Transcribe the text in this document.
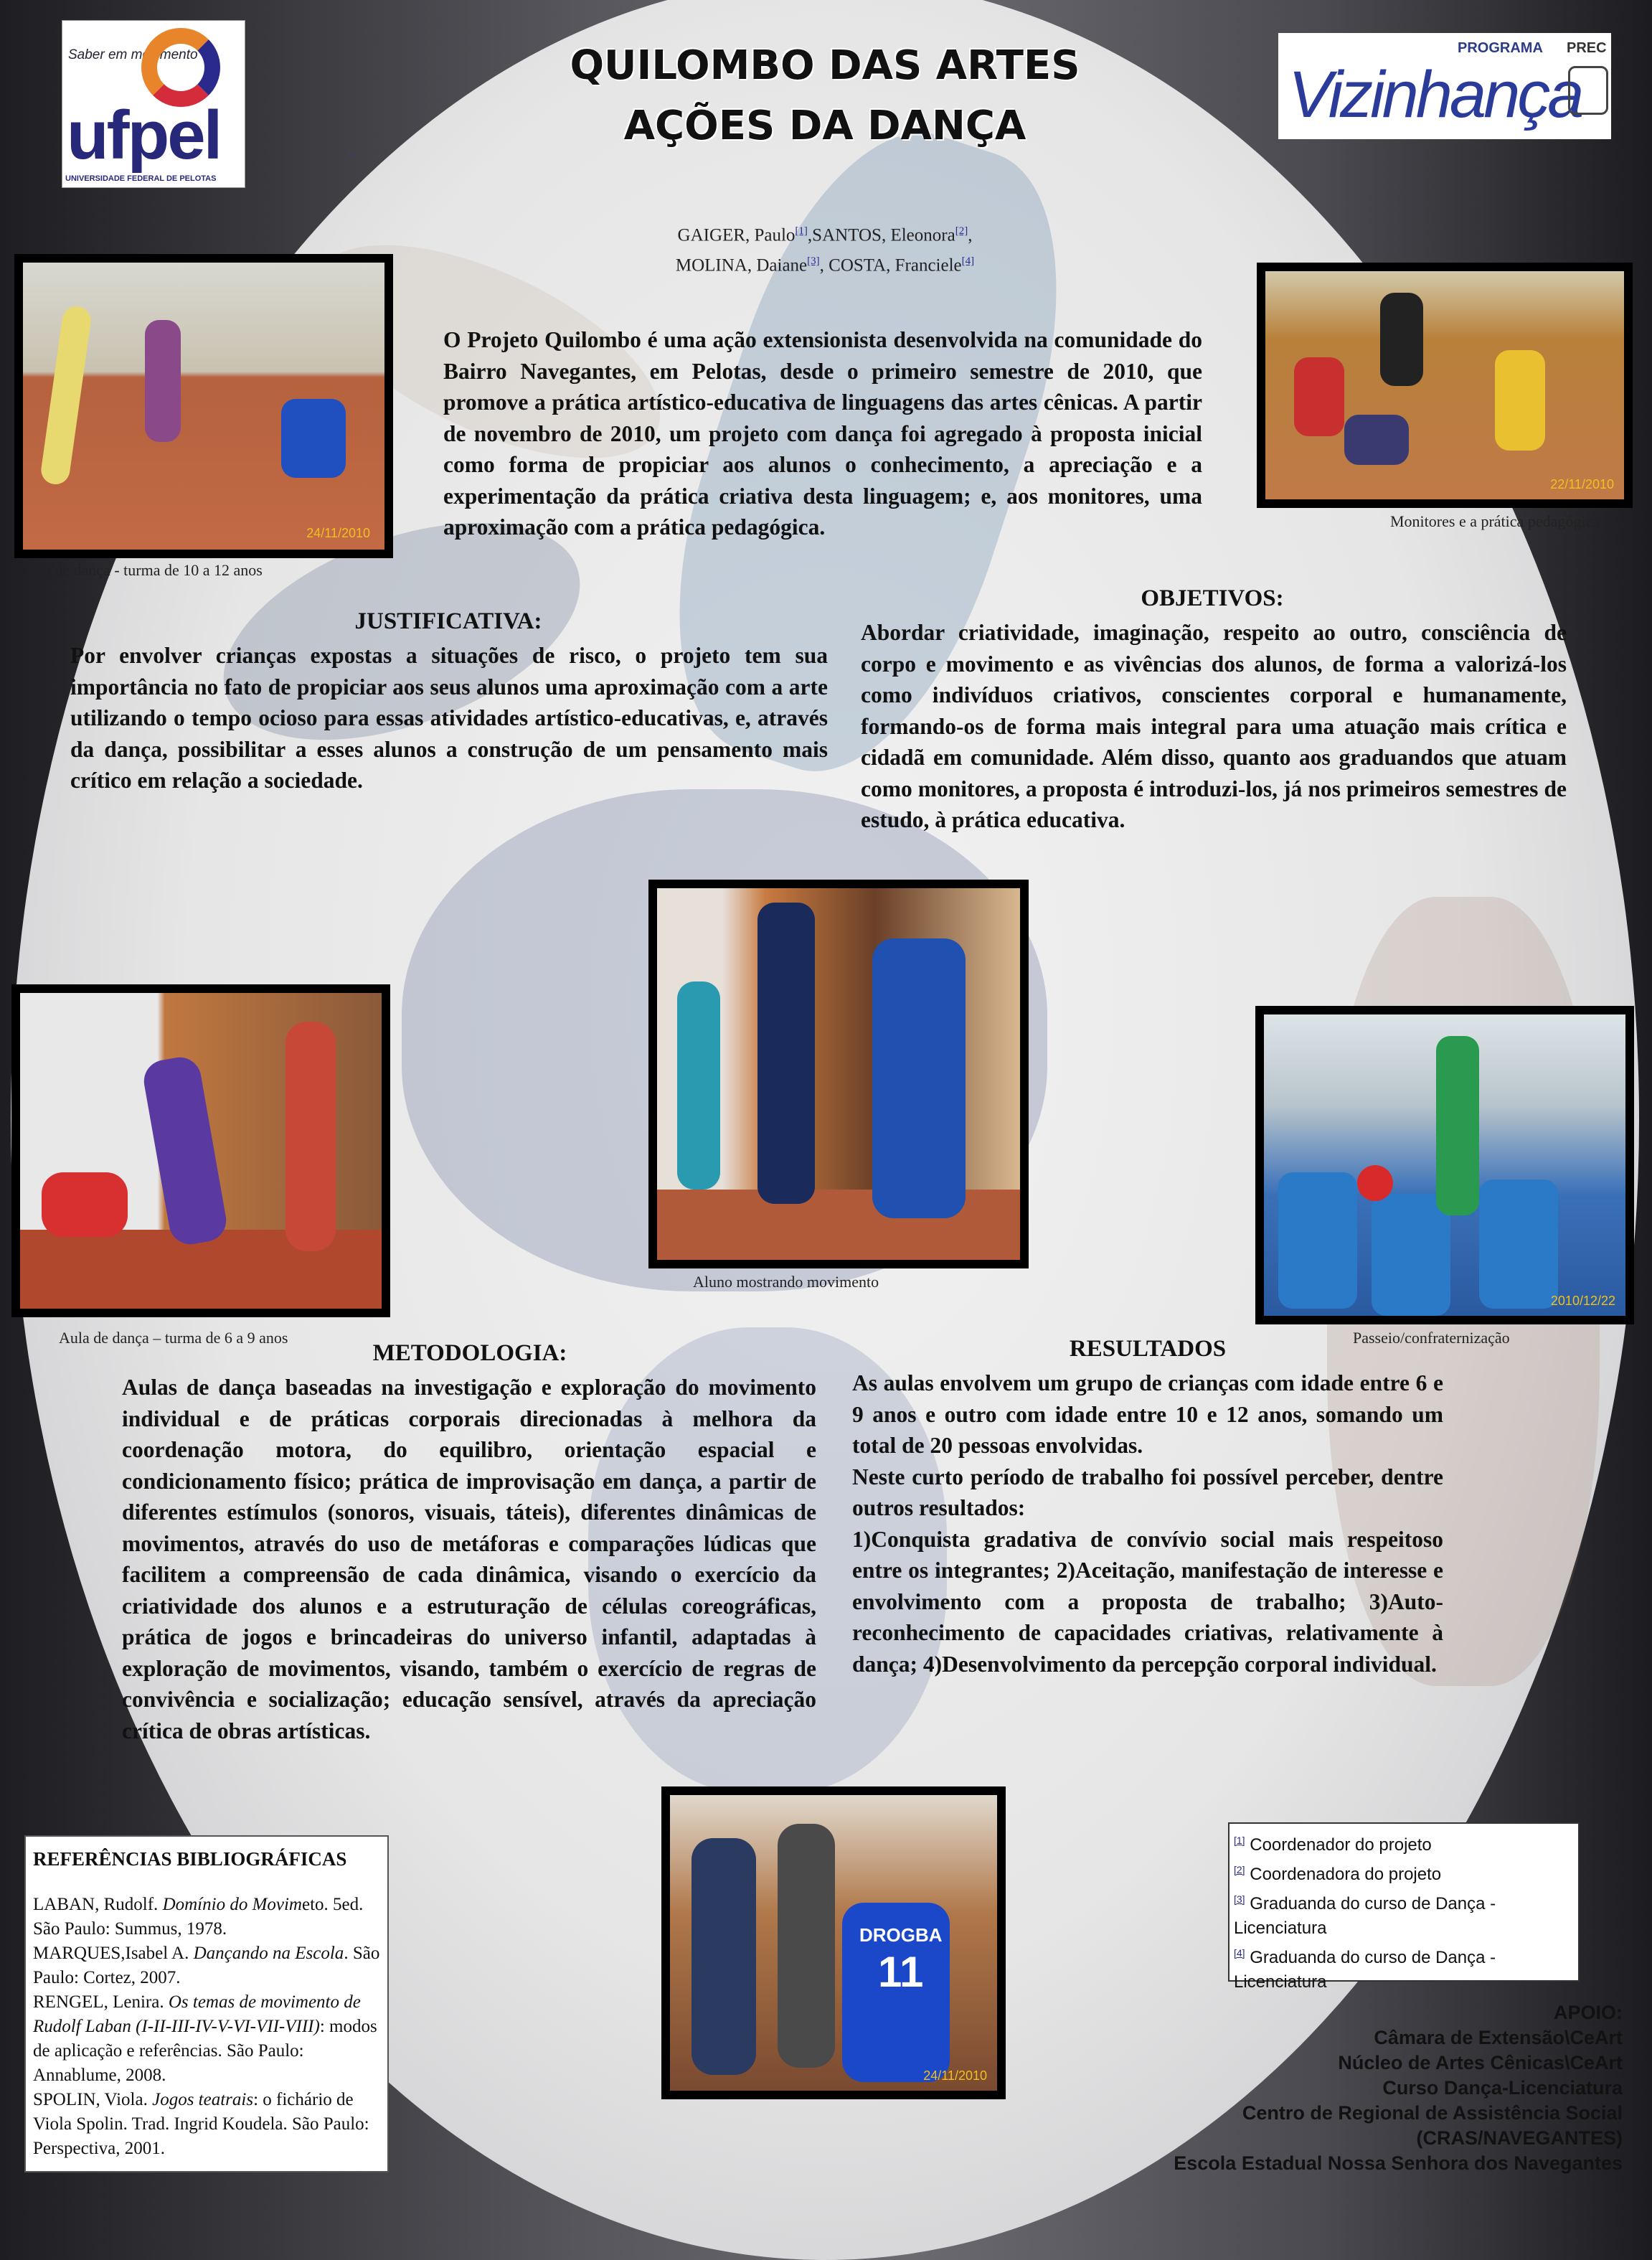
Saber em movimento
ufpel
UNIVERSIDADE FEDERAL DE PELOTAS
PROGRAMA PREC
Vizinhança
QUILOMBO DAS ARTES
AÇÕES DA DANÇA
_
GAIGER, Paulo[1],SANTOS, Eleonora[2],
MOLINA, Daiane[3], COSTA, Franciele[4]
O Projeto Quilombo é uma ação extensionista desenvolvida na comunidade do Bairro Navegantes, em Pelotas, desde o primeiro semestre de 2010, que promove a prática artístico-educativa de linguagens das artes cênicas. A partir de novembro de 2010, um projeto com dança foi agregado à proposta inicial como forma de propiciar aos alunos o conhecimento, a apreciação e a experimentação da prática criativa desta linguagem; e, aos monitores, uma aproximação com a prática pedagógica.
24/11/2010
Aula de dança - turma de 10 a 12 anos
22/11/2010
Monitores e a prática pedagógica
JUSTIFICATIVA:
Por envolver crianças expostas a situações de risco, o projeto tem sua importância no fato de propiciar aos seus alunos uma aproximação com a arte utilizando o tempo ocioso para essas atividades artístico-educativas, e, através da dança, possibilitar a esses alunos a construção de um pensamento mais crítico em relação a sociedade.
OBJETIVOS:
Abordar criatividade, imaginação, respeito ao outro, consciência de corpo e movimento e as vivências dos alunos, de forma a valorizá-los como indivíduos criativos, conscientes corporal e humanamente, formando-os de forma mais integral para uma atuação mais crítica e cidadã em comunidade. Além disso, quanto aos graduandos que atuam como monitores, a proposta é introduzi-los, já nos primeiros semestres de estudo, à prática educativa.
Aula de dança – turma de 6 a 9 anos
Aluno mostrando movimento
2010/12/22
Passeio/confraternização
METODOLOGIA:
Aulas de dança baseadas na investigação e exploração do movimento individual e de práticas corporais direcionadas à melhora da coordenação motora, do equilibro, orientação espacial e condicionamento físico; prática de improvisação em dança, a partir de diferentes estímulos (sonoros, visuais, táteis), diferentes dinâmicas de movimentos, através do uso de metáforas e comparações lúdicas que facilitem a compreensão de cada dinâmica, visando o exercício da criatividade dos alunos e a estruturação de células coreográficas, prática de jogos e brincadeiras do universo infantil, adaptadas à exploração de movimentos, visando, também o exercício de regras de convivência e socialização; educação sensível, através da apreciação crítica de obras artísticas.
RESULTADOS
As aulas envolvem um grupo de crianças com idade entre 6 e 9 anos e outro com idade entre 10 e 12 anos, somando um total de 20 pessoas envolvidas.
Neste curto período de trabalho foi possível perceber, dentre outros resultados:
1)Conquista gradativa de convívio social mais respeitoso entre os integrantes; 2)Aceitação, manifestação de interesse e envolvimento com a proposta de trabalho; 3)Auto-reconhecimento de capacidades criativas, relativamente à dança; 4)Desenvolvimento da percepção corporal individual.
DROGBA
11
24/11/2010
REFERÊNCIAS BIBLIOGRÁFICAS
LABAN, Rudolf. Domínio do Movimeto. 5ed. São Paulo: Summus, 1978.
MARQUES,Isabel A. Dançando na Escola. São Paulo: Cortez, 2007.
RENGEL, Lenira. Os temas de movimento de Rudolf Laban (I-II-III-IV-V-VI-VII-VIII): modos de aplicação e referências. São Paulo: Annablume, 2008.
SPOLIN, Viola. Jogos teatrais: o fichário de Viola Spolin. Trad. Ingrid Koudela. São Paulo: Perspectiva, 2001.
[1] Coordenador do projeto
[2] Coordenadora do projeto
[3] Graduanda do curso de Dança - Licenciatura
[4] Graduanda do curso de Dança - Licenciatura
APOIO:
Câmara de Extensão\CeArt
Núcleo de Artes Cênicas\CeArt
Curso Dança-Licenciatura
Centro de Regional de Assistência Social
(CRAS/NAVEGANTES)
Escola Estadual Nossa Senhora dos Navegantes
